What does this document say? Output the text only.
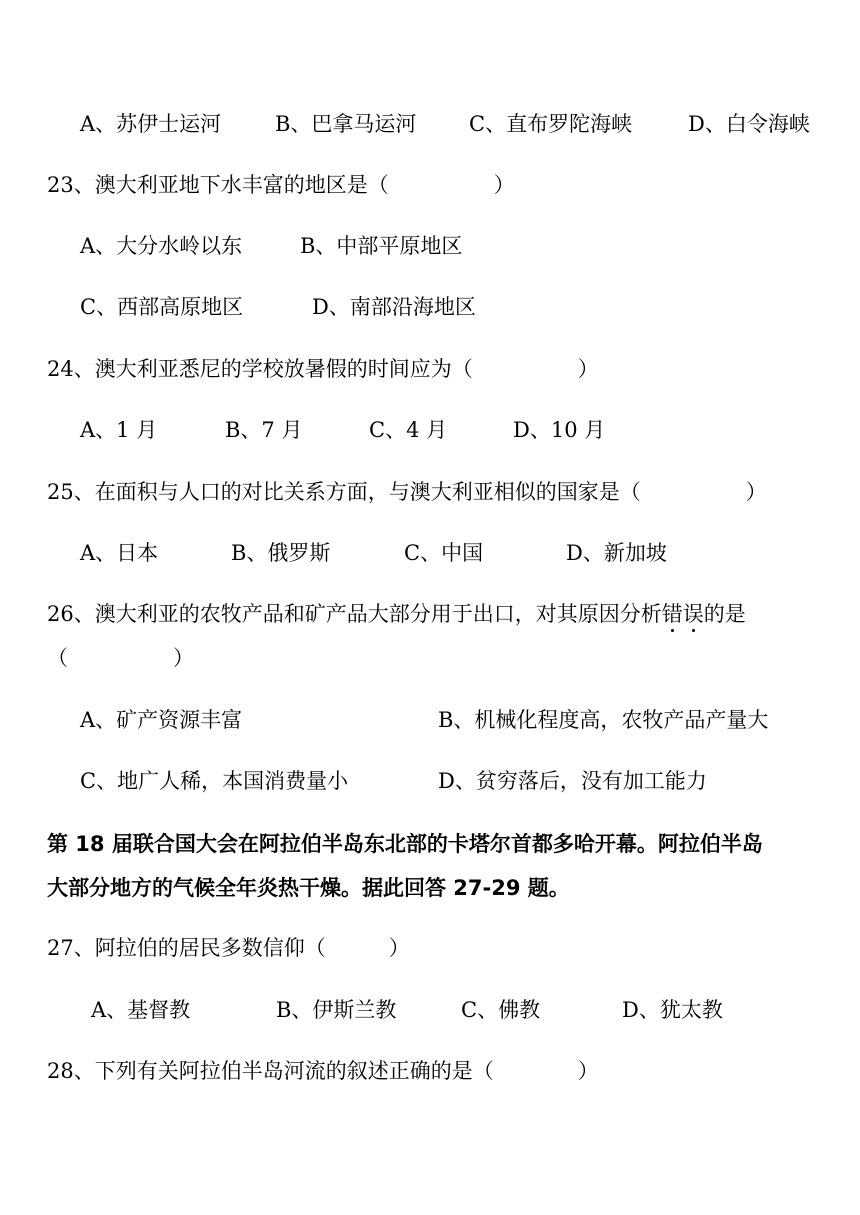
A、苏伊士运河	B、巴拿马运河	C、直布罗陀海峡	D、白令海峡
23、澳大利亚地下水丰富的地区是（　　　　　）
A、大分水岭以东	B、中部平原地区
C、西部高原地区	D、南部沿海地区
24、澳大利亚悉尼的学校放暑假的时间应为（　　　　　）
A、1 月	B、7 月	C、4 月	D、10 月
25、在面积与人口的对比关系方面，与澳大利亚相似的国家是（　　　　　）
A、日本	B、俄罗斯	C、中国	D、新加坡
26、澳大利亚的农牧产品和矿产品大部分用于出口，对其原因分析错误的是
（　　　　　）
A、矿产资源丰富	B、机械化程度高，农牧产品产量大
C、地广人稀，本国消费量小	D、贫穷落后，没有加工能力
第 18 届联合国大会在阿拉伯半岛东北部的卡塔尔首都多哈开幕。阿拉伯半岛
大部分地方的气候全年炎热干燥。据此回答 27-29 题。
27、阿拉伯的居民多数信仰（　　　）
A、基督教	B、伊斯兰教	C、佛教	D、犹太教
28、下列有关阿拉伯半岛河流的叙述正确的是（　　　　）
